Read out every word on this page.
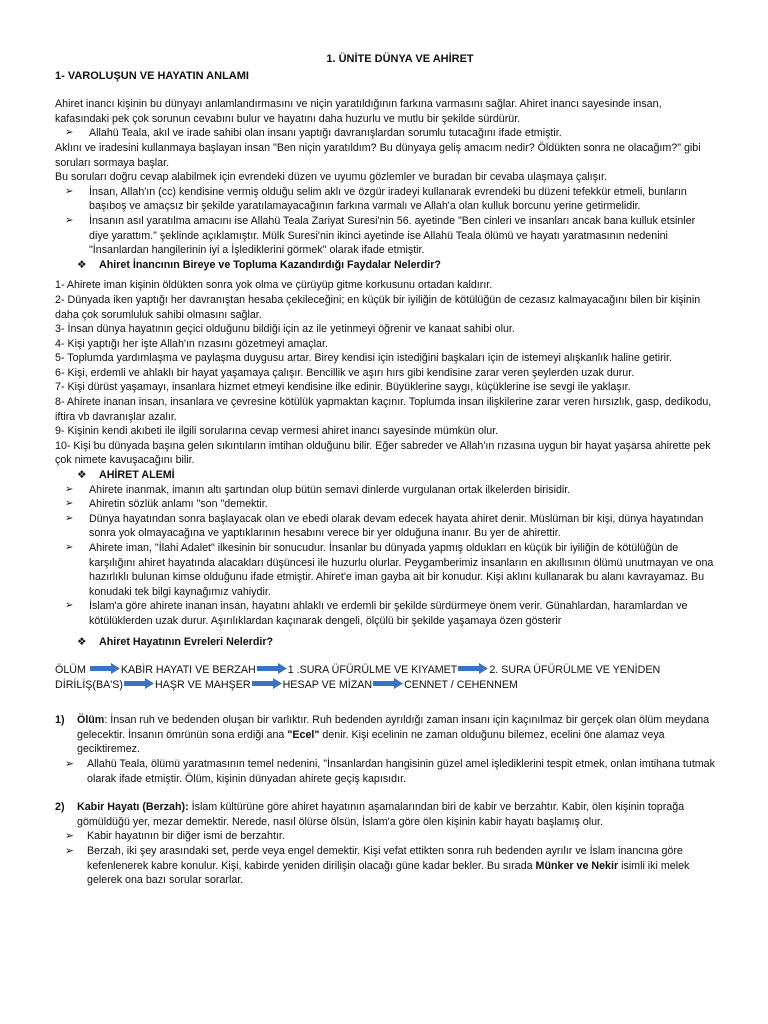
1. ÜNİTE DÜNYA VE AHİRET

1- VAROLUŞUN VE HAYATIN ANLAMI

Ahiret inancı kişinin bu dünyayı anlamlandırmasını ve niçin yaratıldığının farkına varmasını sağlar. Ahiret inancı sayesinde insan, kafasındaki pek çok sorunun cevabını bulur ve hayatını daha huzurlu ve mutlu bir şekilde sürdürür.

➢	Allahü Teala, akıl ve irade sahibi olan insanı yaptığı davranışlardan sorumlu tutacağını ifade etmiştir.

Aklını ve iradesini kullanmaya başlayan insan "Ben niçin yaratıldım? Bu dünyaya geliş amacım nedir? Öldükten sonra ne olacağım?" gibi soruları sormaya başlar.

Bu soruları doğru cevap alabilmek için evrendeki düzen ve uyumu gözlemler ve buradan bir cevaba ulaşmaya çalışır.

➢	İnsan, Allah'ın (cc) kendisine vermiş olduğu selim aklı ve özgür iradeyi kullanarak evrendeki bu düzeni tefekkür etmeli, bunların başıboş ve amaçsız bir şekilde yaratılamayacağının farkına varmalı ve Allah'a olan kulluk borcunu yerine getirmelidir.
➢	İnsanın asıl yaratılma amacını ise Allahü Teala Zariyat Suresi'nin 56. ayetinde "Ben cinleri ve insanları ancak bana kulluk etsinler diye yarattım." şeklinde açıklamıştır. Mülk Suresi'nin ikinci ayetinde ise Allahü Teala ölümü ve hayatı yaratmasının nedenini "İnsanlardan hangilerinin iyi a İşlediklerini görmek" olarak ifade etmiştir.
❖	Ahiret İnancının Bireye ve Topluma Kazandırdığı Faydalar Nelerdir?

1- Ahirete iman kişinin öldükten sonra yok olma ve çürüyüp gitme korkusunu ortadan kaldırır.

2- Dünyada iken yaptığı her davranıştan hesaba çekileceğini; en küçük bir iyiliğin de kötülüğün de cezasız kalmayacağını bilen bir kişinin daha çok sorumluluk sahibi olmasını sağlar.

3- İnsan dünya hayatının geçici olduğunu bildiği için az ile yetinmeyi öğrenir ve kanaat sahibi olur.

4- Kişi yaptığı her işte Allah'ın rızasını gözetmeyi amaçlar.

5- Toplumda yardımlaşma ve paylaşma duygusu artar. Birey kendisi için istediğini başkaları için de istemeyi alışkanlık haline getirir.

6- Kişi, erdemli ve ahlaklı bir hayat yaşamaya çalışır. Bencillik ve aşırı hırs gibi kendisine zarar veren şeylerden uzak durur.

7- Kişi dürüst yaşamayı, insanlara hizmet etmeyi kendisine ilke edinir. Büyüklerine saygı, küçüklerine ise sevgi ile yaklaşır.

8- Ahirete inanan insan, insanlara ve çevresine kötülük yapmaktan kaçınır. Toplumda insan ilişkilerine zarar veren hırsızlık, gasp, dedikodu, iftira vb davranışlar azalır.

9- Kişinin kendi akıbeti ile ilgili sorularına cevap vermesi ahiret inancı sayesinde mümkün olur.

10- Kişi bu dünyada başına gelen sıkıntıların imtihan olduğunu bilir. Eğer sabreder ve Allah'ın rızasına uygun bir hayat yaşarsa ahirette pek çok nimete kavuşacağını bilir.

❖	AHİRET ALEMİ
➢	Ahirete inanmak, imanın altı şartından olup bütün semavi dinlerde vurgulanan ortak ilkelerden birisidir.
➢	Ahiretin sözlük anlamı "son "demektir.
➢	Dünya hayatından sonra başlayacak olan ve ebedi olarak devam edecek hayata ahiret denir. Müslüman bir kişi, dünya hayatından sonra yok olmayacağına ve yaptıklarının hesabını verece bir yer olduğuna inanır. Bu yer de ahirettir.
➢	Ahirete iman, "İlahi Adalet" ilkesinin bir sonucudur. İnsanlar bu dünyada yapmış oldukları en küçük bir iyiliğin de kötülüğün de karşılığını ahiret hayatında alacakları düşüncesi ile huzurlu olurlar. Peygamberimiz insanların en akıllısının ölümü unutmayan ve ona hazırlıklı bulunan kimse olduğunu ifade etmiştir. Ahiret'e iman gayba ait bir konudur. Kişi aklını kullanarak bu alanı kavrayamaz. Bu konudaki tek bilgi kaynağımız vahiydir.
➢	İslam'a göre ahirete inanan insan, hayatını ahlaklı ve erdemli bir şekilde sürdürmeye önem verir. Günahlardan, haramlardan ve kötülüklerden uzak durur. Aşırılıklardan kaçınarak dengeli, ölçülü bir şekilde yaşamaya özen gösterir
❖	Ahiret Hayatının Evreleri Nelerdir?
ÖLÜM	KABİR HAYATI VE BERZAH	1 .SURA ÜFÜRÜLME VE KIYAMET	2. SURA ÜFÜRÜLME VE YENİDEN DİRİLİŞ(BA'S)	HAŞR VE MAHŞER	HESAP VE MİZAN	CENNET / CEHENNEM
1)	Ölüm: İnsan ruh ve bedenden oluşan bir varlıktır. Ruh bedenden ayrıldığı zaman insanı için kaçınılmaz bir gerçek olan ölüm meydana gelecektir. İnsanın ömrünün sona erdiği ana "Ecel" denir. Kişi ecelinin ne zaman olduğunu bilemez, ecelini öne alamaz veya geciktiremez.
➢	Allahü Teala, ölümü yaratmasının temel nedenini, "İnsanlardan hangisinin güzel amel işlediklerini tespit etmek, onlan imtihana tutmak olarak ifade etmiştir. Ölüm, kişinin dünyadan ahirete geçiş kapısıdır.
2)	Kabir Hayatı (Berzah): İslam kültürüne göre ahiret hayatının aşamalarından biri de kabir ve berzahtır. Kabir, ölen kişinin toprağa gömüldüğü yer, mezar demektir. Nerede, nasıl ölürse ölsün, İslam'a göre ölen kişinin kabir hayatı başlamış olur.
➢	Kabir hayatının bir diğer ismi de berzahtır.
➢	Berzah, iki şey arasındaki set, perde veya engel demektir. Kişi vefat ettikten sonra ruh bedenden ayrılır ve İslam inancına göre kefenlenerek kabre konulur. Kişi, kabirde yeniden dirilişin olacağı güne kadar bekler. Bu sırada Münker ve Nekir isimli iki melek gelerek ona bazı sorular sorarlar.
